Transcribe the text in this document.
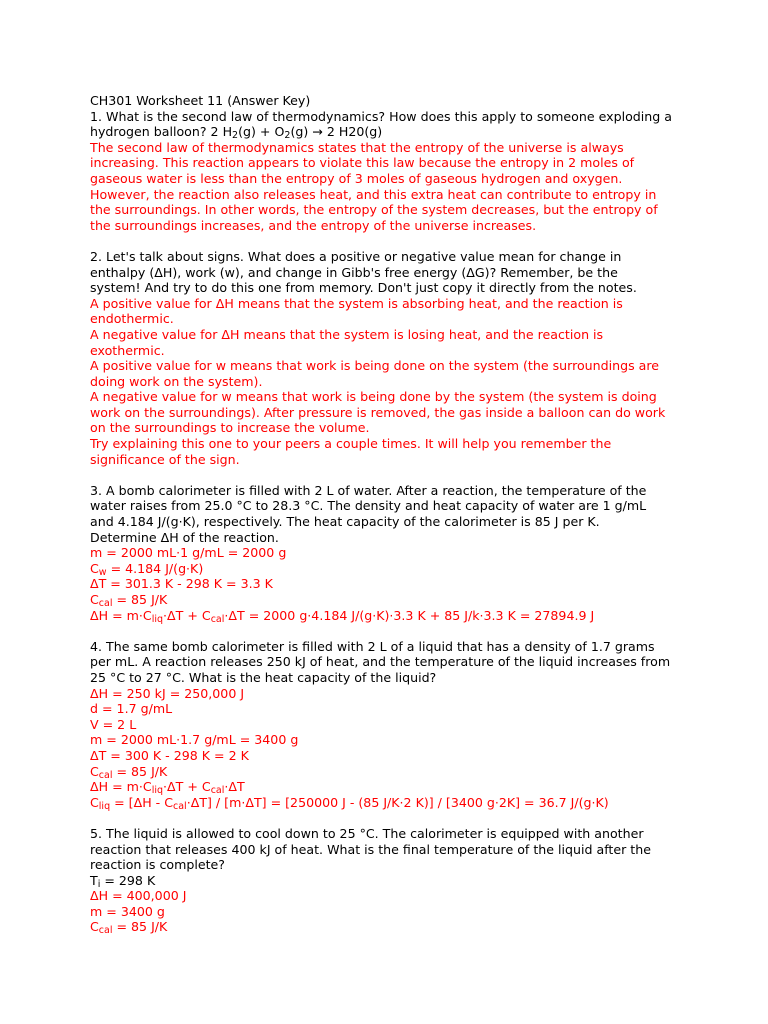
CH301 Worksheet 11 (Answer Key)
1. What is the second law of thermodynamics? How does this apply to someone exploding a
hydrogen balloon? 2 $H_2(g) + O_2(g) \to 2$ H20(g)
The second law of thermodynamics states that the entropy of the universe is always
increasing. This reaction appears to violate this law because the entropy in 2 moles of
gaseous water is less than the entropy of 3 moles of gaseous hydrogen and oxygen.
However, the reaction also releases heat, and this extra heat can contribute to entropy in
the surroundings. In other words, the entropy of the system decreases, but the entropy of
the surroundings increases, and the entropy of the universe increases.
2. Let's talk about signs. What does a positive or negative value mean for change in
enthalpy (ΔH), work (w), and change in Gibb's free energy (ΔG)? Remember, be the
system! And try to do this one from memory. Don't just copy it directly from the notes.
A positive value for ΔH means that the system is absorbing heat, and the reaction is
endothermic.
A negative value for ΔH means that the system is losing heat, and the reaction is
exothermic.
A positive value for w means that work is being done on the system (the surroundings are
doing work on the system).
A negative value for w means that work is being done by the system (the system is doing
work on the surroundings). After pressure is removed, the gas inside a balloon can do work
on the surroundings to increase the volume.
Try explaining this one to your peers a couple times. It will help you remember the
significance of the sign.
3. A bomb calorimeter is filled with 2 L of water. After a reaction, the temperature of the
water raises from 25.0 °C to 28.3 °C. The density and heat capacity of water are 1 g/mL
and 4.184 J/(g·K), respectively. The heat capacity of the calorimeter is 85 J per K.
Determine ΔH of the reaction.
m = 2000 mL·1 g/mL = 2000 g
$C_w = 4.184$ J/(g·K)
ΔT = 301.3 K - 298 K = 3.3 K
$C_{cal} = 85$ J/K
$\Delta H = m\cdot C_{liq}\cdot\Delta T + C_{cal}\cdot\Delta T = 2000$ g·4.184 J/(g·K)·3.3 K + 85 J/k·3.3 K = 27894.9 J
4. The same bomb calorimeter is filled with 2 L of a liquid that has a density of 1.7 grams
per mL. A reaction releases 250 kJ of heat, and the temperature of the liquid increases from
25 °C to 27 °C. What is the heat capacity of the liquid?
ΔH = 250 kJ = 250,000 J
d = 1.7 g/mL
V = 2 L
m = 2000 mL·1.7 g/mL = 3400 g
ΔT = 300 K - 298 K = 2 K
$C_{cal} = 85$ J/K
$\Delta H = m\cdot C_{liq}\cdot\Delta T + C_{cal}\cdot\Delta T$
$C_{liq} = [\Delta H - C_{cal}\cdot\Delta T] / [m\cdot\Delta T] = [250000$ J - (85 J/K·2 K)] / [3400 g·2K] = 36.7 J/(g·K)
5. The liquid is allowed to cool down to 25 °C. The calorimeter is equipped with another
reaction that releases 400 kJ of heat. What is the final temperature of the liquid after the
reaction is complete?
$T_i = 298$ K
ΔH = 400,000 J
m = 3400 g
$C_{cal} = 85$ J/K
